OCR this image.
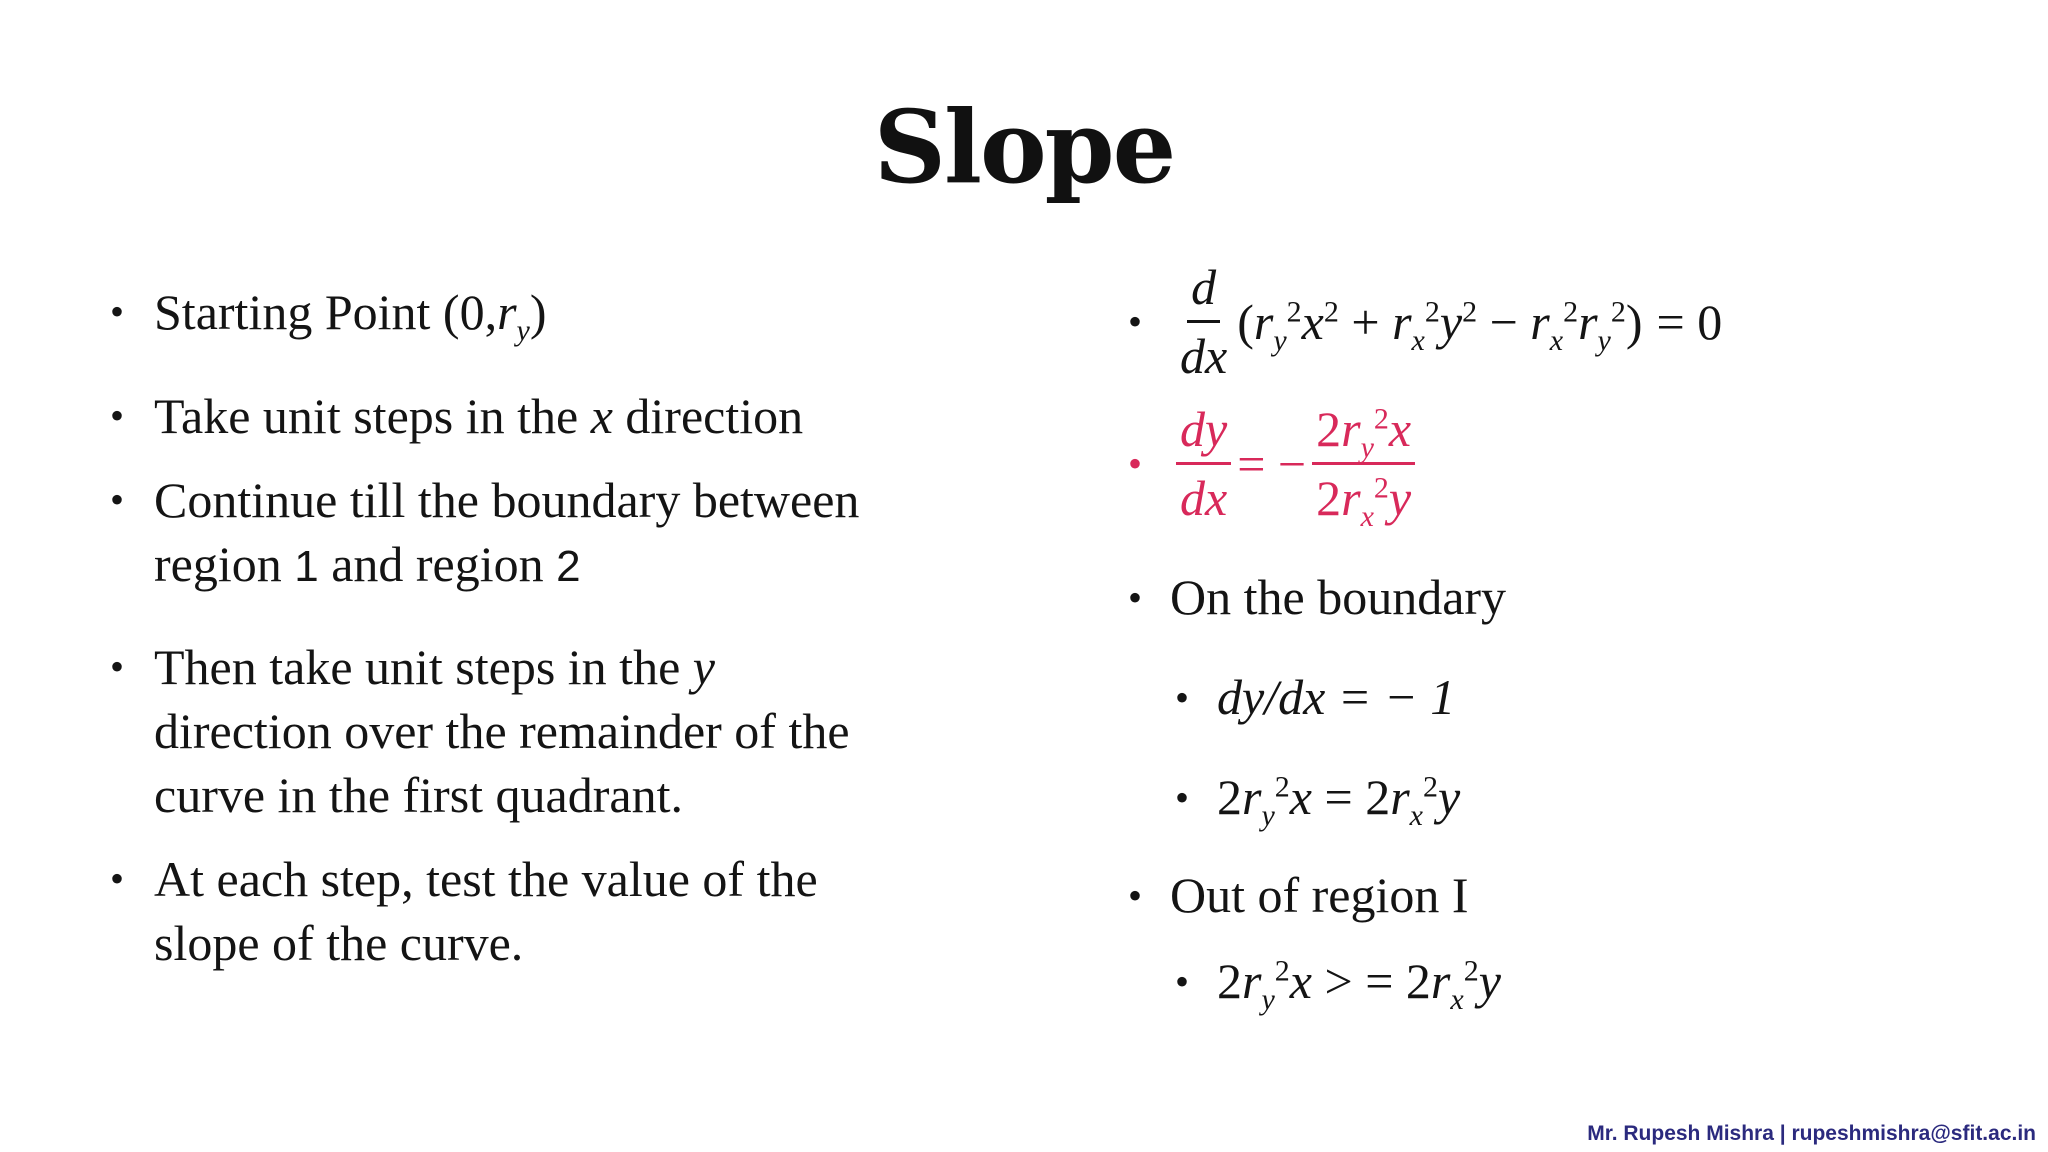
Slope
• Starting Point $(0,r_y)$
• Take unit steps in the x direction
• Continue till the boundary between
region 1 and region 2
• Then take unit steps in the y
direction over the remainder of the
curve in the first quadrant.
• At each step, test the value of the
slope of the curve.
• $\frac{d}{dx} (r_y^2x^2 + r_x^2y^2 - r_x^2r_y^2) = 0$
• $\frac{dy}{dx}$ = − $\frac{2r_y^2x}{2r_x^2y}$
• On the boundary
• dy/dx = − 1
• $2r_y^2x = 2r_x^2y$
• Out of region I
• $2r_y^2x$ > = $2r_x^2y$
Mr. Rupesh Mishra | rupeshmishra@sfit.ac.in
